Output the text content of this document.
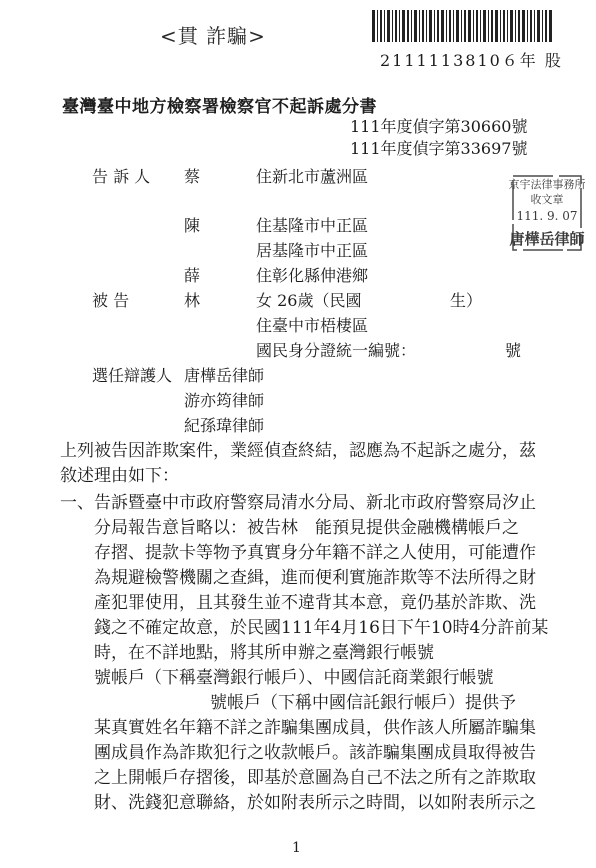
<貫 詐騙>
2111113810６年 股
臺灣臺中地方檢察署檢察官不起訴處分書
111年度偵字第30660號
111年度偵字第33697號
京宇法律事務所
收文章
111. 9. 07
唐樺岳律師
告 訴 人 蔡	住新北市蘆洲區
陳	住基隆市中正區
居基隆市中正區
薛	住彰化縣伸港鄉
被 告	林	女 26歲（民國	生）
住臺中市梧棲區
國民身分證統一編號：	號
選任辯護人 唐樺岳律師
游亦筠律師
紀孫瑋律師
上列被告因詐欺案件，業經偵查終結，認應為不起訴之處分，茲
敘述理由如下：
一、告訴暨臺中市政府警察局清水分局、新北市政府警察局汐止
分局報告意旨略以：被告林 能預見提供金融機構帳戶之
存摺、提款卡等物予真實身分年籍不詳之人使用，可能遭作
為規避檢警機關之查緝，進而便利實施詐欺等不法所得之財
產犯罪使用，且其發生並不違背其本意，竟仍基於詐欺、洗
錢之不確定故意，於民國111年4月16日下午10時4分許前某
時，在不詳地點，將其所申辦之臺灣銀行帳號
號帳戶（下稱臺灣銀行帳戶）、中國信託商業銀行帳號
號帳戶（下稱中國信託銀行帳戶）提供予
某真實姓名年籍不詳之詐騙集團成員，供作該人所屬詐騙集
團成員作為詐欺犯行之收款帳戶。該詐騙集團成員取得被告
之上開帳戶存摺後，即基於意圖為自己不法之所有之詐欺取
財、洗錢犯意聯絡，於如附表所示之時間，以如附表所示之
1
